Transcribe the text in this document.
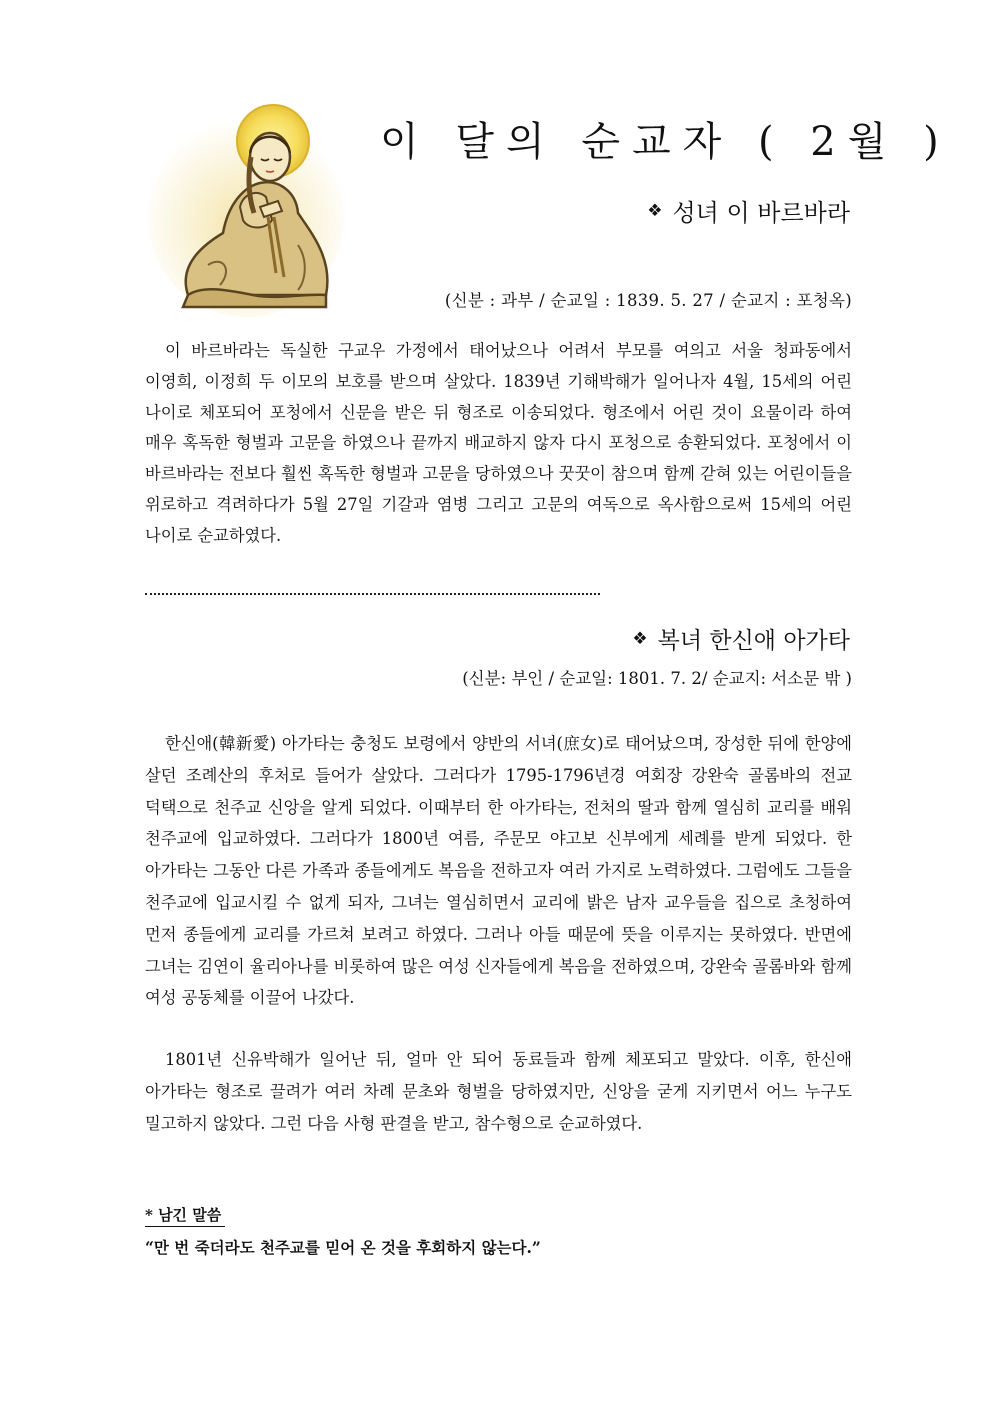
이 달의 순교자 ( 2월 )
❖ 성녀 이 바르바라
(신분 : 과부 / 순교일 : 1839. 5. 27 / 순교지 : 포청옥)
이 바르바라는 독실한 구교우 가정에서 태어났으나 어려서 부모를 여의고 서울 청파동에서 이영희, 이정희 두 이모의 보호를 받으며 살았다. 1839년 기해박해가 일어나자 4월, 15세의 어린 나이로 체포되어 포청에서 신문을 받은 뒤 형조로 이송되었다. 형조에서 어린 것이 요물이라 하여 매우 혹독한 형벌과 고문을 하였으나 끝까지 배교하지 않자 다시 포청으로 송환되었다. 포청에서 이 바르바라는 전보다 훨씬 혹독한 형벌과 고문을 당하였으나 꿋꿋이 참으며 함께 갇혀 있는 어린이들을 위로하고 격려하다가 5월 27일 기갈과 염병 그리고 고문의 여독으로 옥사함으로써 15세의 어린 나이로 순교하였다.
❖ 복녀 한신애 아가타
(신분: 부인 / 순교일: 1801. 7. 2/ 순교지: 서소문 밖 )
한신애(韓新愛) 아가타는 충청도 보령에서 양반의 서녀(庶女)로 태어났으며, 장성한 뒤에 한양에 살던 조례산의 후처로 들어가 살았다. 그러다가 1795-1796년경 여회장 강완숙 골롬바의 전교 덕택으로 천주교 신앙을 알게 되었다. 이때부터 한 아가타는, 전처의 딸과 함께 열심히 교리를 배워 천주교에 입교하였다. 그러다가 1800년 여름, 주문모 야고보 신부에게 세례를 받게 되었다. 한 아가타는 그동안 다른 가족과 종들에게도 복음을 전하고자 여러 가지로 노력하였다. 그럼에도 그들을 천주교에 입교시킬 수 없게 되자, 그녀는 열심히면서 교리에 밝은 남자 교우들을 집으로 초청하여 먼저 종들에게 교리를 가르쳐 보려고 하였다. 그러나 아들 때문에 뜻을 이루지는 못하였다. 반면에 그녀는 김연이 율리아나를 비롯하여 많은 여성 신자들에게 복음을 전하였으며, 강완숙 골롬바와 함께 여성 공동체를 이끌어 나갔다.
1801년 신유박해가 일어난 뒤, 얼마 안 되어 동료들과 함께 체포되고 말았다. 이후, 한신애 아가타는 형조로 끌려가 여러 차례 문초와 형벌을 당하였지만, 신앙을 굳게 지키면서 어느 누구도 밀고하지 않았다. 그런 다음 사형 판결을 받고, 참수형으로 순교하였다.
* 남긴 말씀
“만 번 죽더라도 천주교를 믿어 온 것을 후회하지 않는다.”
